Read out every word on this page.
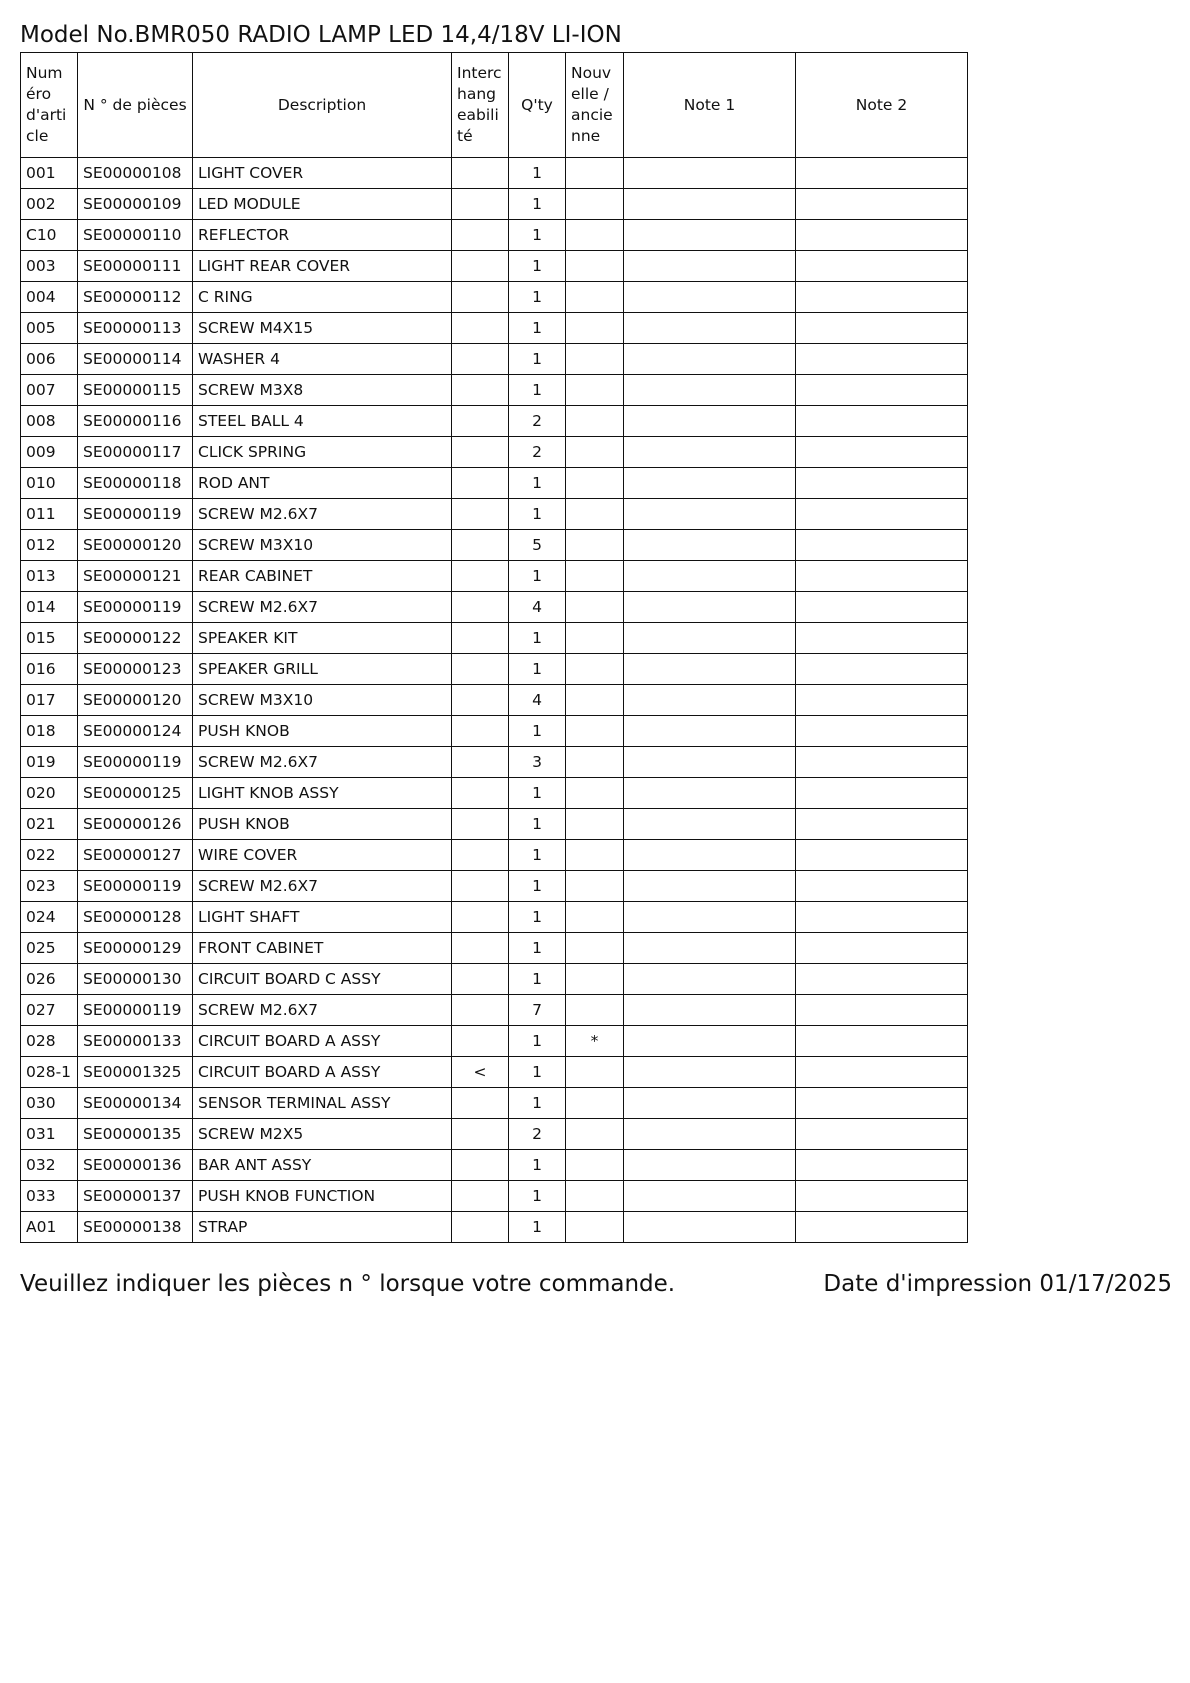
Model No.BMR050 RADIO LAMP LED 14,4/18V LI-ION
Numéro d'article	N ° de pièces	Description	Interchangeabilité	Q'ty	Nouvelle / ancienne	Note 1	Note 2
001	SE00000108	LIGHT COVER		1			
002	SE00000109	LED MODULE		1			
C10	SE00000110	REFLECTOR		1			
003	SE00000111	LIGHT REAR COVER		1			
004	SE00000112	C RING		1			
005	SE00000113	SCREW M4X15		1			
006	SE00000114	WASHER 4		1			
007	SE00000115	SCREW M3X8		1			
008	SE00000116	STEEL BALL 4		2			
009	SE00000117	CLICK SPRING		2			
010	SE00000118	ROD ANT		1			
011	SE00000119	SCREW M2.6X7		1			
012	SE00000120	SCREW M3X10		5			
013	SE00000121	REAR CABINET		1			
014	SE00000119	SCREW M2.6X7		4			
015	SE00000122	SPEAKER KIT		1			
016	SE00000123	SPEAKER GRILL		1			
017	SE00000120	SCREW M3X10		4			
018	SE00000124	PUSH KNOB		1			
019	SE00000119	SCREW M2.6X7		3			
020	SE00000125	LIGHT KNOB ASSY		1			
021	SE00000126	PUSH KNOB		1			
022	SE00000127	WIRE COVER		1			
023	SE00000119	SCREW M2.6X7		1			
024	SE00000128	LIGHT SHAFT		1			
025	SE00000129	FRONT CABINET		1			
026	SE00000130	CIRCUIT BOARD C ASSY		1			
027	SE00000119	SCREW M2.6X7		7			
028	SE00000133	CIRCUIT BOARD A ASSY		1	*		
028-1	SE00001325	CIRCUIT BOARD A ASSY	<	1			
030	SE00000134	SENSOR TERMINAL ASSY		1			
031	SE00000135	SCREW M2X5		2			
032	SE00000136	BAR ANT ASSY		1			
033	SE00000137	PUSH KNOB FUNCTION		1			
A01	SE00000138	STRAP		1			
Veuillez indiquer les pièces n ° lorsque votre commande.	Date d'impression 01/17/2025
